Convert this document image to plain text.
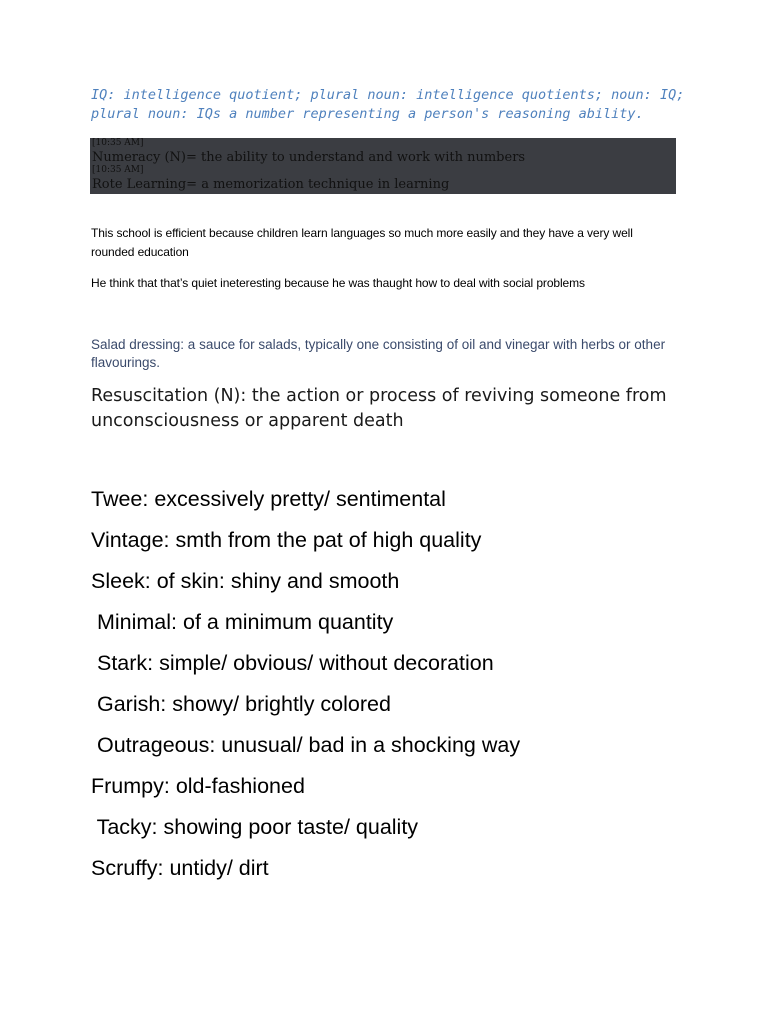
IQ: intelligence quotient; plural noun: intelligence quotients; noun: IQ; plural noun: IQs a number representing a person's reasoning ability.
[10:35 AM]
Numeracy (N)= the ability to understand and work with numbers
[10:35 AM]
Rote Learning= a memorization technique in learning
This school is efficient because children learn languages so much more easily and they have a very well rounded education
He think that that’s quiet ineteresting because he was thaught how to deal with social problems
Salad dressing: a sauce for salads, typically one consisting of oil and vinegar with herbs or other flavourings.
Resuscitation (N): the action or process of reviving someone from unconsciousness or apparent death
Twee: excessively pretty/ sentimental
Vintage: smth from the pat of high quality
Sleek: of skin: shiny and smooth
Minimal: of a minimum quantity
Stark: simple/ obvious/ without decoration
Garish: showy/ brightly colored
Outrageous: unusual/ bad in a shocking way
Frumpy: old-fashioned
Tacky: showing poor taste/ quality
Scruffy: untidy/ dirt
